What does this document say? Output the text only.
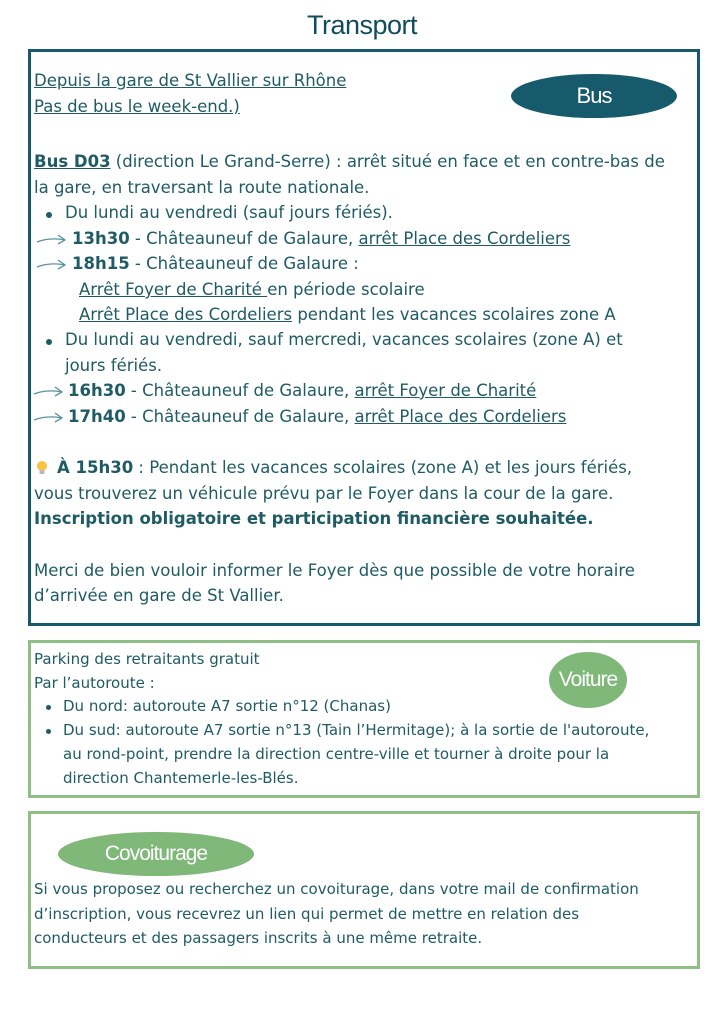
Transport
Bus
Depuis la gare de St Vallier sur Rhône
Pas de bus le week-end.)
Bus D03 (direction Le Grand-Serre) : arrêt situé en face et en contre-bas de
la gare, en traversant la route nationale.
Du lundi au vendredi (sauf jours fériés).
13h30 - Châteauneuf de Galaure, arrêt Place des Cordeliers
18h15 - Châteauneuf de Galaure :
Arrêt Foyer de Charité en période scolaire
Arrêt Place des Cordeliers pendant les vacances scolaires zone A
Du lundi au vendredi, sauf mercredi, vacances scolaires (zone A) et
jours fériés.
16h30 - Châteauneuf de Galaure, arrêt Foyer de Charité
17h40 - Châteauneuf de Galaure, arrêt Place des Cordeliers
À 15h30 : Pendant les vacances scolaires (zone A) et les jours fériés,
vous trouverez un véhicule prévu par le Foyer dans la cour de la gare.
Inscription obligatoire et participation financière souhaitée.
Merci de bien vouloir informer le Foyer dès que possible de votre horaire
d’arrivée en gare de St Vallier.
Voiture
Parking des retraitants gratuit
Par l’autoroute :
Du nord: autoroute A7 sortie n°12 (Chanas)
Du sud: autoroute A7 sortie n°13 (Tain l’Hermitage); à la sortie de l'autoroute,
au rond-point, prendre la direction centre-ville et tourner à droite pour la
direction Chantemerle-les-Blés.
Covoiturage
Si vous proposez ou recherchez un covoiturage, dans votre mail de confirmation
d’inscription, vous recevrez un lien qui permet de mettre en relation des
conducteurs et des passagers inscrits à une même retraite.
